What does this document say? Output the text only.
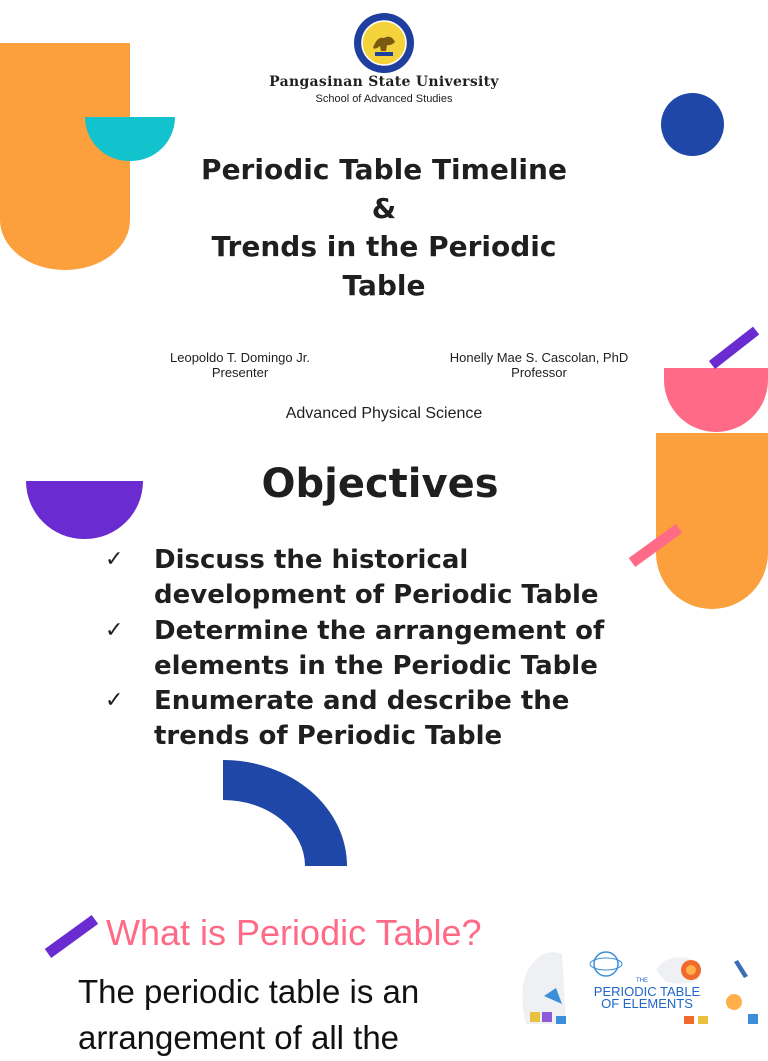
Pangasinan State University
School of Advanced Studies
Periodic Table Timeline
&
Trends in the Periodic
Table
Leopoldo T. Domingo Jr.
Presenter
Honelly Mae S. Cascolan, PhD
Professor
Advanced Physical Science
Objectives
✓ Discuss the historical
development of Periodic Table
✓ Determine the arrangement of
elements in the Periodic Table
✓ Enumerate and describe the
trends of Periodic Table
What is Periodic Table?
The periodic table is an
arrangement of all the
THE
PERIODIC TABLE OF ELEMENTS
